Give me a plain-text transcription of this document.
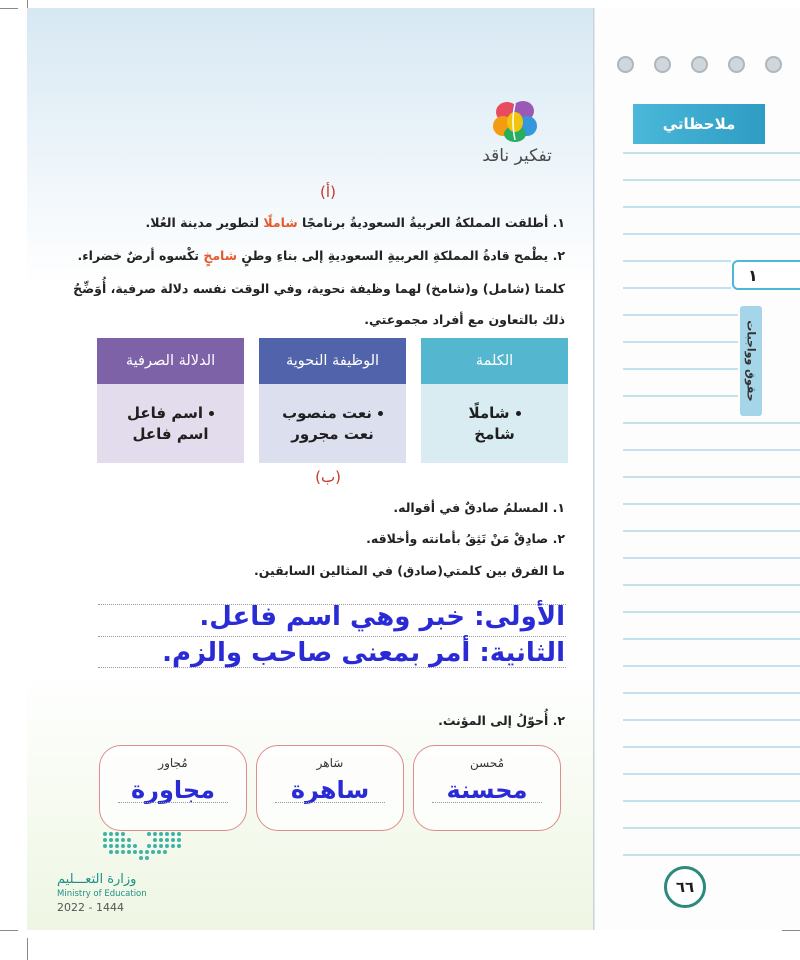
تفكير ناقد
(أ)
١. أطلقت المملكةُ العربيةُ السعوديةُ برنامجًا شاملًا لتطوير مدينة العُلا.
٢. يطْمح قادةُ المملكةِ العربيةِ السعوديةِ إلى بناءِ وطنٍ شامخٍ تكْسوه أرضٌ خضراء.
كلمتا (شامل) و(شامخ) لهما وظيفة نحوية، وفي الوقت نفسه دلالة صرفية، أُوَضِّحُ
ذلك بالتعاون مع أفراد مجموعتي.
الكلمة
شاملًا
شامخ
الوظيفة النحوية
نعت منصوب
نعت مجرور
الدلالة الصرفية
اسم فاعل
اسم فاعل
(ب)
١. المسلمُ صادقٌ في أقواله.
٢. صادِقْ مَنْ تَثِقُ بأمانته وأخلاقه.
ما الفرق بين كلمتي(صادق) في المثالين السابقين.
الأولى: خبر وهي اسم فاعل.
الثانية: أمر بمعنى صاحب والزم.
٢. أُحوّلُ إلى المؤنث.
مُحسن
محسنة
سَاهر
ساهرة
مُجاور
مجاورة
وزارة التعـــليم
Ministry of Education
2022 - 1444
ملاحظاتي
١
حقوق وواجبات
٦٦
